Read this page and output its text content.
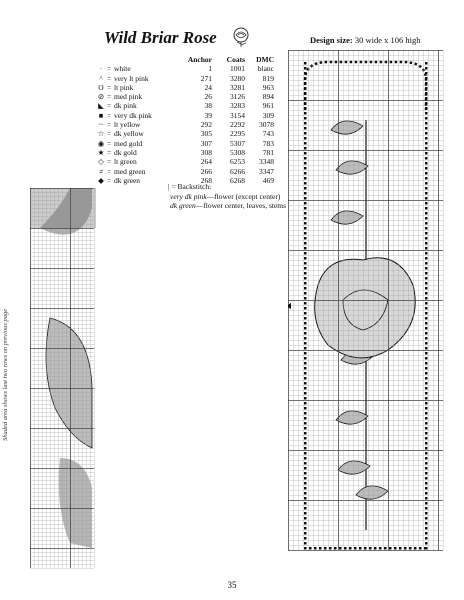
Wild Briar Rose	Design size: 30 wide x 106 high
Anchor	Coats	DMC
· = white	1	1001	blanc
^ = very lt pink	271	3280	819
O = lt pink	24	3281	963
⊘ = med pink	26	3126	894
◣ = dk pink	38	3283	961
■ = very dk pink	39	3154	309
~ = lt yellow	292	2292	3078
☆ = dk yellow	305	2295	743
◉ = med gold	307	5307	783
★ = dk gold	308	5308	781
◇ = lt green	264	6253	3348
≠ = med green	266	6266	3347
◆ = dk green	268	6268	469
| = Backstitch:
very dk pink—flower (except center)
dk green—flower center, leaves, stems
Shaded area shows last two rows on previous page
35
